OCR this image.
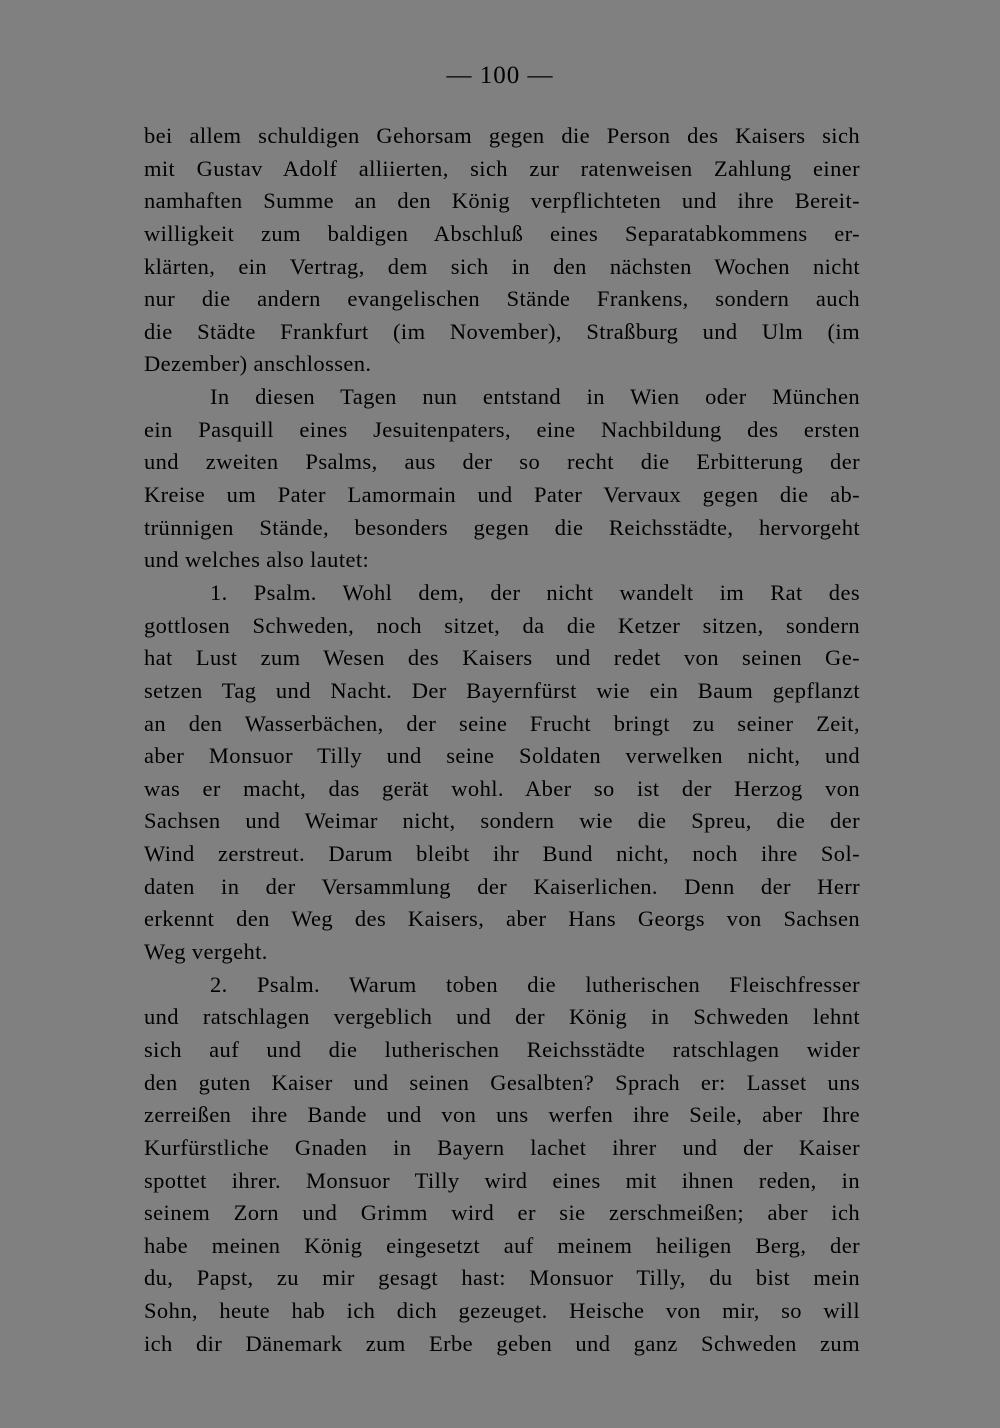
— 100 —
bei allem schuldigen Gehorsam gegen die Person des Kaisers sich
mit Gustav Adolf alliierten, sich zur ratenweisen Zahlung einer
namhaften Summe an den König verpflichteten und ihre Bereit-
willigkeit zum baldigen Abschluß eines Separatabkommens er-
klärten, ein Vertrag, dem sich in den nächsten Wochen nicht
nur die andern evangelischen Stände Frankens, sondern auch
die Städte Frankfurt (im November), Straßburg und Ulm (im
Dezember) anschlossen.
In diesen Tagen nun entstand in Wien oder München
ein Pasquill eines Jesuitenpaters, eine Nachbildung des ersten
und zweiten Psalms, aus der so recht die Erbitterung der
Kreise um Pater Lamormain und Pater Vervaux gegen die ab-
trünnigen Stände, besonders gegen die Reichsstädte, hervorgeht
und welches also lautet:
1. Psalm. Wohl dem, der nicht wandelt im Rat des
gottlosen Schweden, noch sitzet, da die Ketzer sitzen, sondern
hat Lust zum Wesen des Kaisers und redet von seinen Ge-
setzen Tag und Nacht. Der Bayernfürst wie ein Baum gepflanzt
an den Wasserbächen, der seine Frucht bringt zu seiner Zeit,
aber Monsuor Tilly und seine Soldaten verwelken nicht, und
was er macht, das gerät wohl. Aber so ist der Herzog von
Sachsen und Weimar nicht, sondern wie die Spreu, die der
Wind zerstreut. Darum bleibt ihr Bund nicht, noch ihre Sol-
daten in der Versammlung der Kaiserlichen. Denn der Herr
erkennt den Weg des Kaisers, aber Hans Georgs von Sachsen
Weg vergeht.
2. Psalm. Warum toben die lutherischen Fleischfresser
und ratschlagen vergeblich und der König in Schweden lehnt
sich auf und die lutherischen Reichsstädte ratschlagen wider
den guten Kaiser und seinen Gesalbten? Sprach er: Lasset uns
zerreißen ihre Bande und von uns werfen ihre Seile, aber Ihre
Kurfürstliche Gnaden in Bayern lachet ihrer und der Kaiser
spottet ihrer. Monsuor Tilly wird eines mit ihnen reden, in
seinem Zorn und Grimm wird er sie zerschmeißen; aber ich
habe meinen König eingesetzt auf meinem heiligen Berg, der
du, Papst, zu mir gesagt hast: Monsuor Tilly, du bist mein
Sohn, heute hab ich dich gezeuget. Heische von mir, so will
ich dir Dänemark zum Erbe geben und ganz Schweden zum
